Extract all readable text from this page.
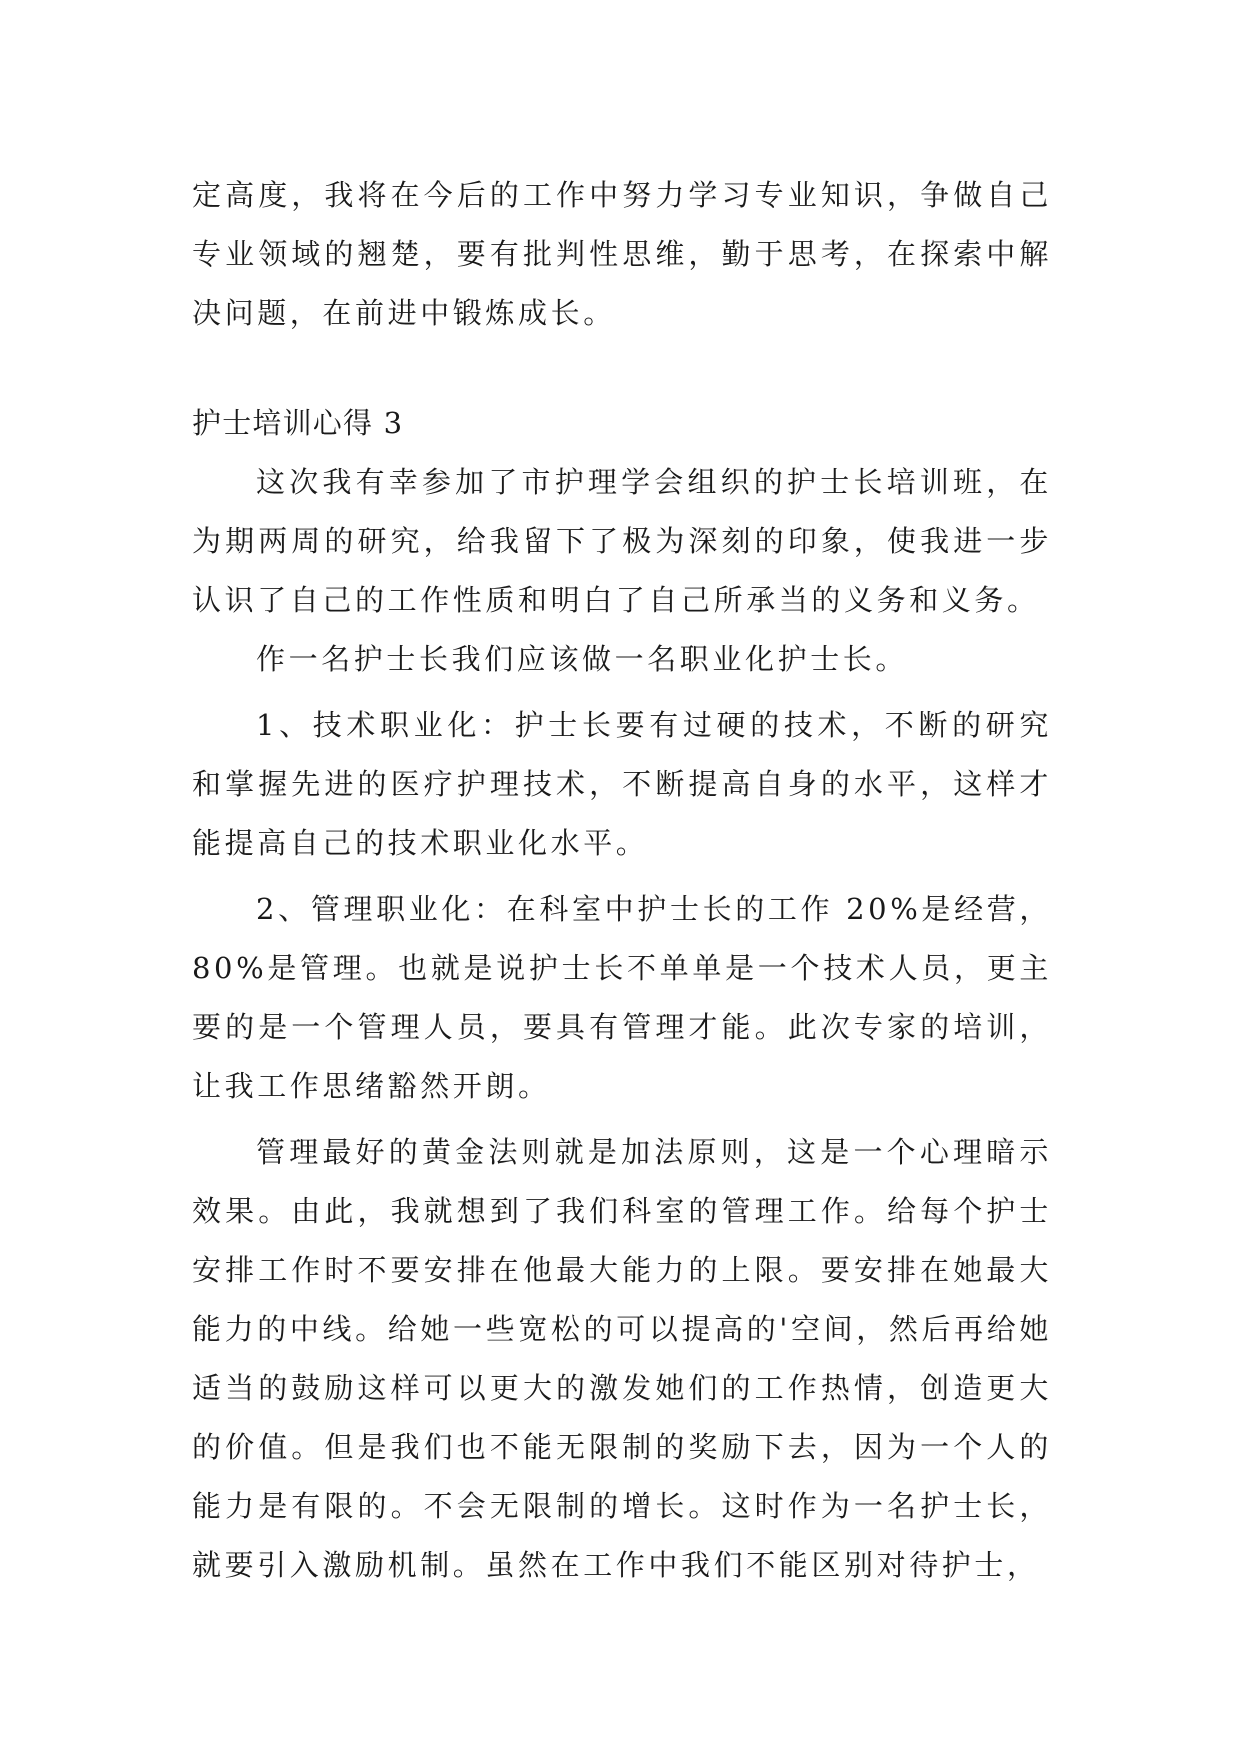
定高度，我将在今后的工作中努力学习专业知识，争做自己专业领域的翘楚，要有批判性思维，勤于思考，在探索中解决问题，在前进中锻炼成长。

护士培训心得 3

这次我有幸参加了市护理学会组织的护士长培训班，在为期两周的研究，给我留下了极为深刻的印象，使我进一步认识了自己的工作性质和明白了自己所承当的义务和义务。

作一名护士长我们应该做一名职业化护士长。

1、技术职业化：护士长要有过硬的技术，不断的研究和掌握先进的医疗护理技术，不断提高自身的水平，这样才能提高自己的技术职业化水平。

2、管理职业化：在科室中护士长的工作 20%是经营，80%是管理。也就是说护士长不单单是一个技术人员，更主要的是一个管理人员，要具有管理才能。此次专家的培训，让我工作思绪豁然开朗。

管理最好的黄金法则就是加法原则，这是一个心理暗示效果。由此，我就想到了我们科室的管理工作。给每个护士安排工作时不要安排在他最大能力的上限。要安排在她最大能力的中线。给她一些宽松的可以提高的'空间，然后再给她适当的鼓励这样可以更大的激发她们的工作热情，创造更大的价值。但是我们也不能无限制的奖励下去，因为一个人的能力是有限的。不会无限制的增长。这时作为一名护士长，就要引入激励机制。虽然在工作中我们不能区别对待护士，
